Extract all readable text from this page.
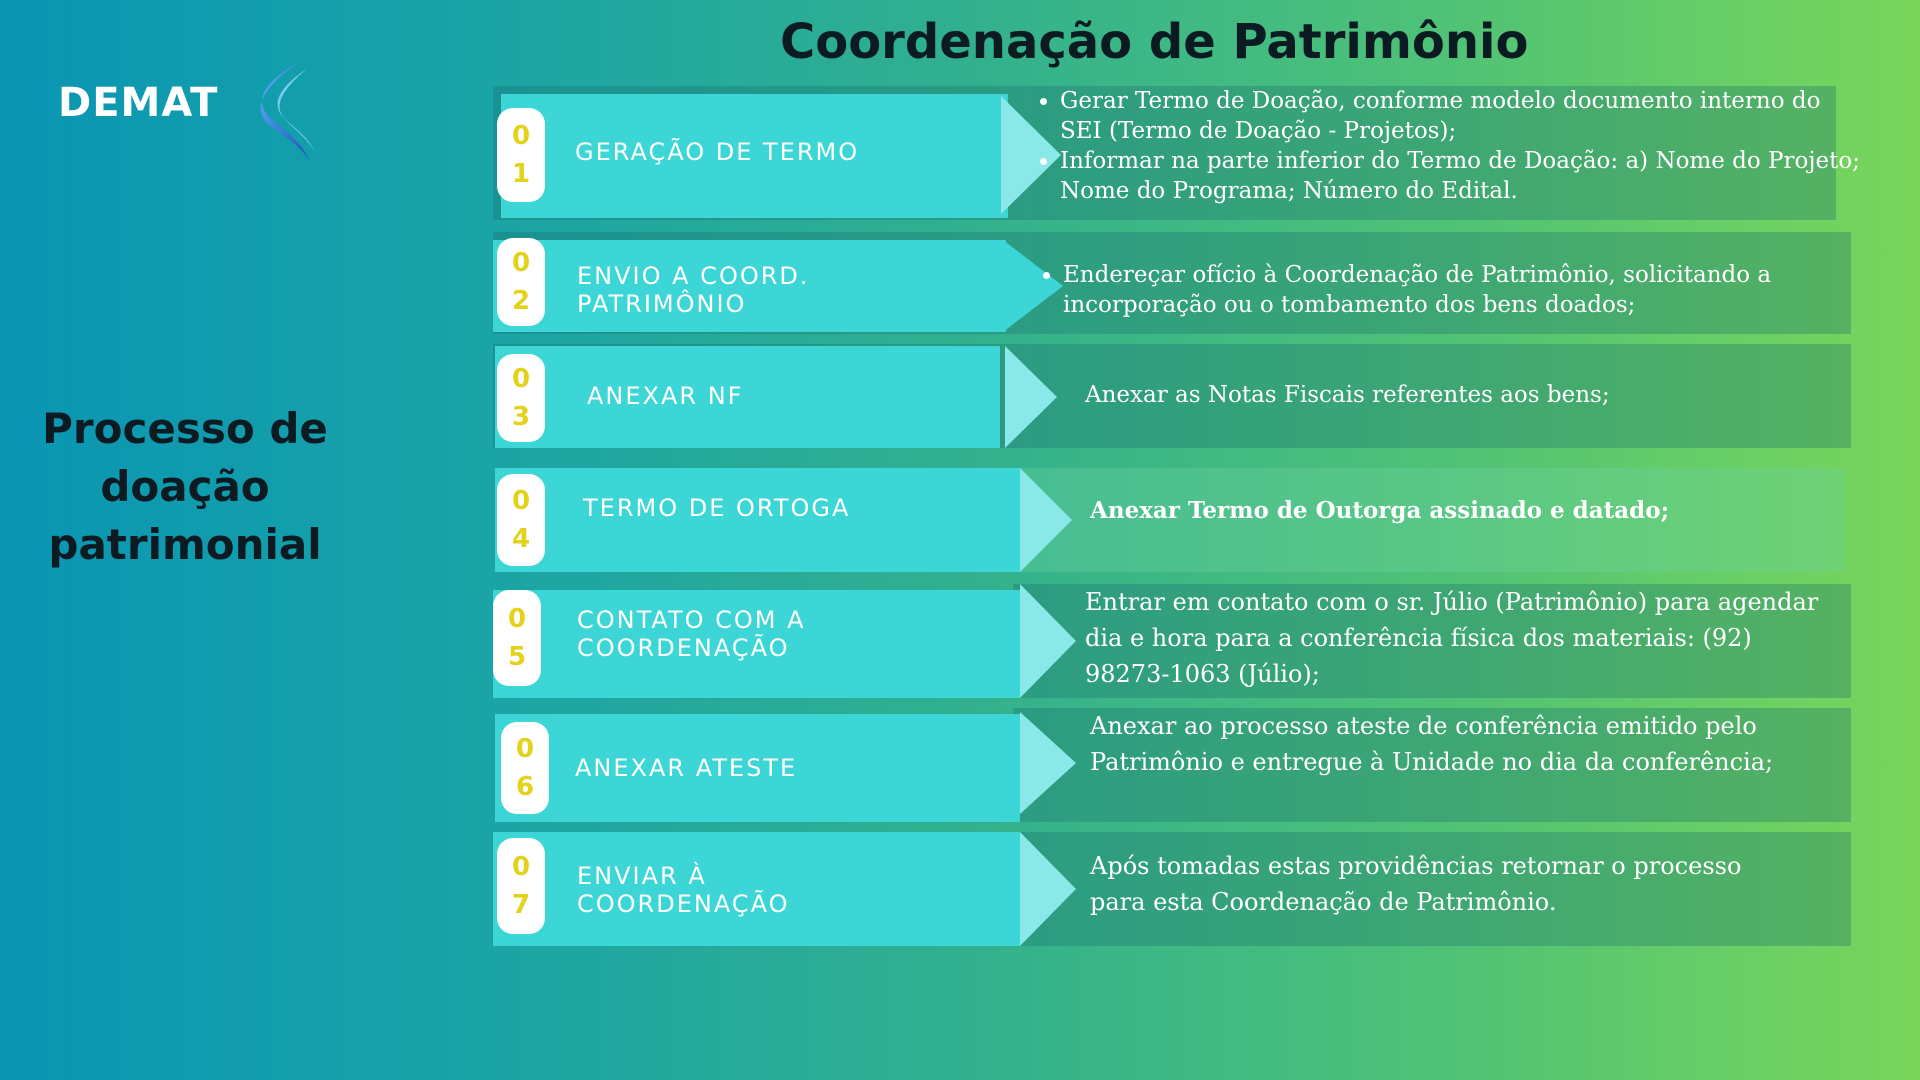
DEMAT
Processo de doação patrimonial
Coordenação de Patrimônio
0
1
GERAÇÃO DE TERMO
• Gerar Termo de Doação, conforme modelo documento interno do SEI (Termo de Doação - Projetos);
• Informar na parte inferior do Termo de Doação: a) Nome do Projeto; Nome do Programa; Número do Edital.
0
2
ENVIO A COORD. PATRIMÔNIO
• Endereçar ofício à Coordenação de Patrimônio, solicitando a incorporação ou o tombamento dos bens doados;
0
3
ANEXAR NF	Anexar as Notas Fiscais referentes aos bens;
0
4
TERMO DE ORTOGA	Anexar Termo de Outorga assinado e datado;
0
5
CONTATO COM A COORDENAÇÃO
Entrar em contato com o sr. Júlio (Patrimônio) para agendar dia e hora para a conferência física dos materiais: (92) 98273-1063 (Júlio);
0
6
ANEXAR ATESTE
Anexar ao processo ateste de conferência emitido pelo Patrimônio e entregue à Unidade no dia da conferência;
0
7
ENVIAR À COORDENAÇÃO
Após tomadas estas providências retornar o processo para esta Coordenação de Patrimônio.
